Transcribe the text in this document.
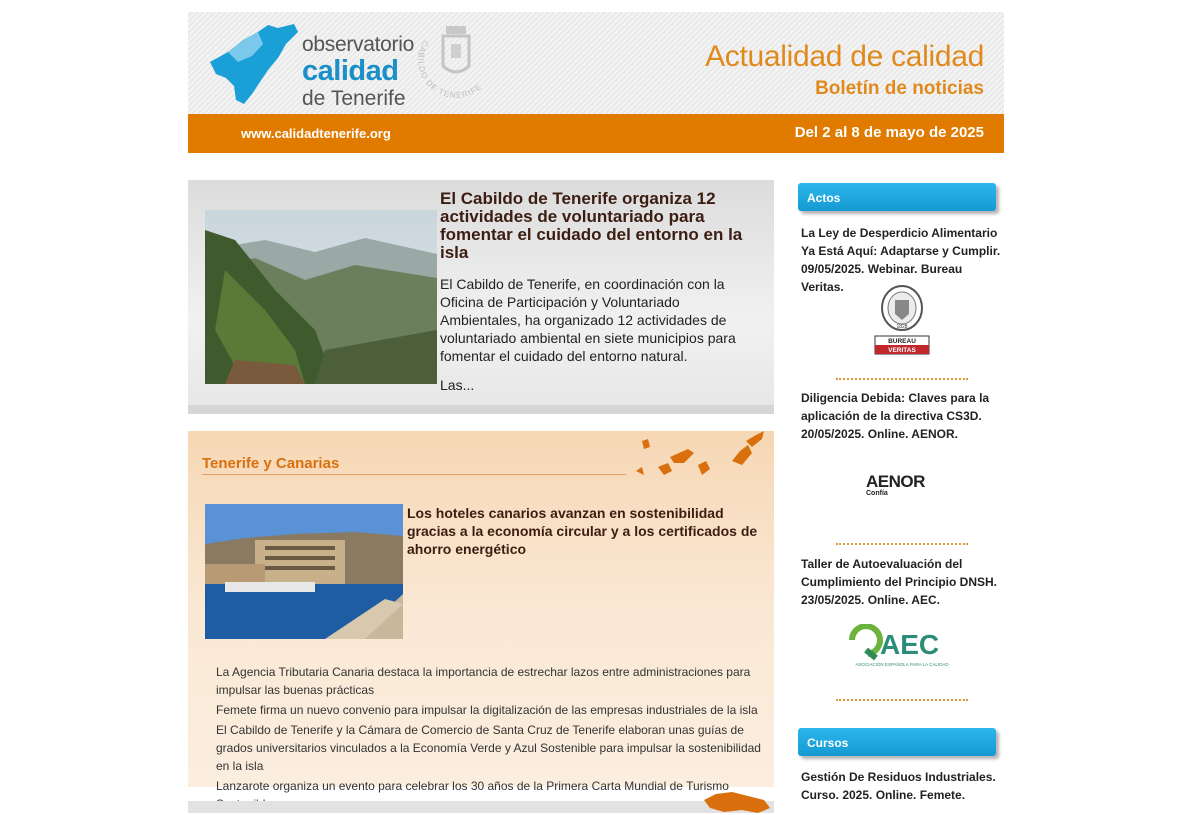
observatorio
calidad
de Tenerife
CABILDO DE TENERIFE
Actualidad de calidad
Boletín de noticias
www.calidadtenerife.org	Del 2 al 8 de mayo de 2025
El Cabildo de Tenerife organiza 12 actividades de voluntariado para fomentar el cuidado del entorno en la isla
El Cabildo de Tenerife, en coordinación con la Oficina de Participación y Voluntariado Ambientales, ha organizado 12 actividades de voluntariado ambiental en siete municipios para fomentar el cuidado del entorno natural.
Las...
Tenerife y Canarias
Los hoteles canarios avanzan en sostenibilidad gracias a la economía circular y a los certificados de ahorro energético
La Agencia Tributaria Canaria destaca la importancia de estrechar lazos entre administraciones para impulsar las buenas prácticas
Femete firma un nuevo convenio para impulsar la digitalización de las empresas industriales de la isla
El Cabildo de Tenerife y la Cámara de Comercio de Santa Cruz de Tenerife elaboran unas guías de grados universitarios vinculados a la Economía Verde y Azul Sostenible para impulsar la sostenibilidad en la isla
Lanzarote organiza un evento para celebrar los 30 años de la Primera Carta Mundial de Turismo
Actos
La Ley de Desperdicio Alimentario Ya Está Aquí: Adaptarse y Cumplir. 09/05/2025. Webinar. Bureau Veritas.
1828
BUREAU
VERITAS
Diligencia Debida: Claves para la aplicación de la directiva CS3D. 20/05/2025. Online. AENOR.
AENOR
Confía
Taller de Autoevaluación del Cumplimiento del Principio DNSH. 23/05/2025. Online. AEC.
AEC
ASOCIACIÓN ESPAÑOLA PARA LA CALIDAD
Cursos
Gestión De Residuos Industriales. Curso. 2025. Online. Femete.
